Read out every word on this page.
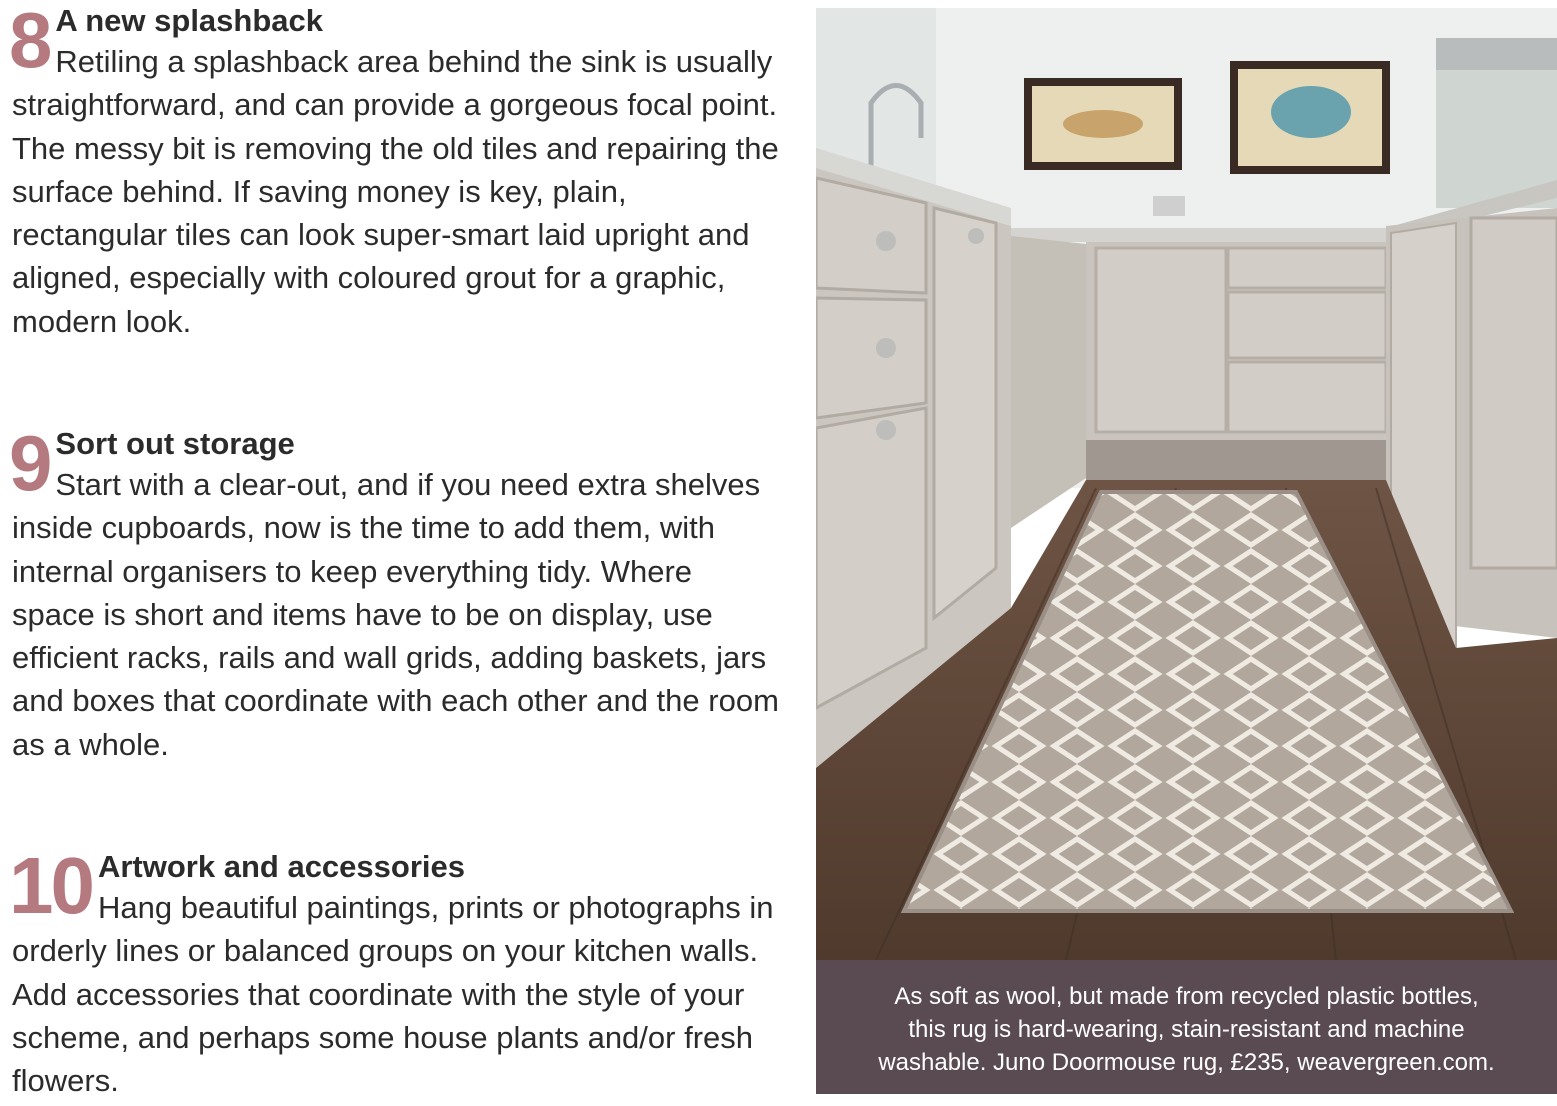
8 A new splashback
Retiling a splashback area behind the sink is usually straightforward, and can provide a gorgeous focal point. The messy bit is removing the old tiles and repairing the surface behind. If saving money is key, plain, rectangular tiles can look super-smart laid upright and aligned, especially with coloured grout for a graphic, modern look.
9 Sort out storage
Start with a clear-out, and if you need extra shelves inside cupboards, now is the time to add them, with internal organisers to keep everything tidy. Where space is short and items have to be on display, use efficient racks, rails and wall grids, adding baskets, jars and boxes that coordinate with each other and the room as a whole.
10 Artwork and accessories
Hang beautiful paintings, prints or photographs in orderly lines or balanced groups on your kitchen walls. Add accessories that coordinate with the style of your scheme, and perhaps some house plants and/or fresh flowers.
As soft as wool, but made from recycled plastic bottles,
this rug is hard-wearing, stain-resistant and machine
washable. Juno Doormouse rug, £235, weavergreen.com.
